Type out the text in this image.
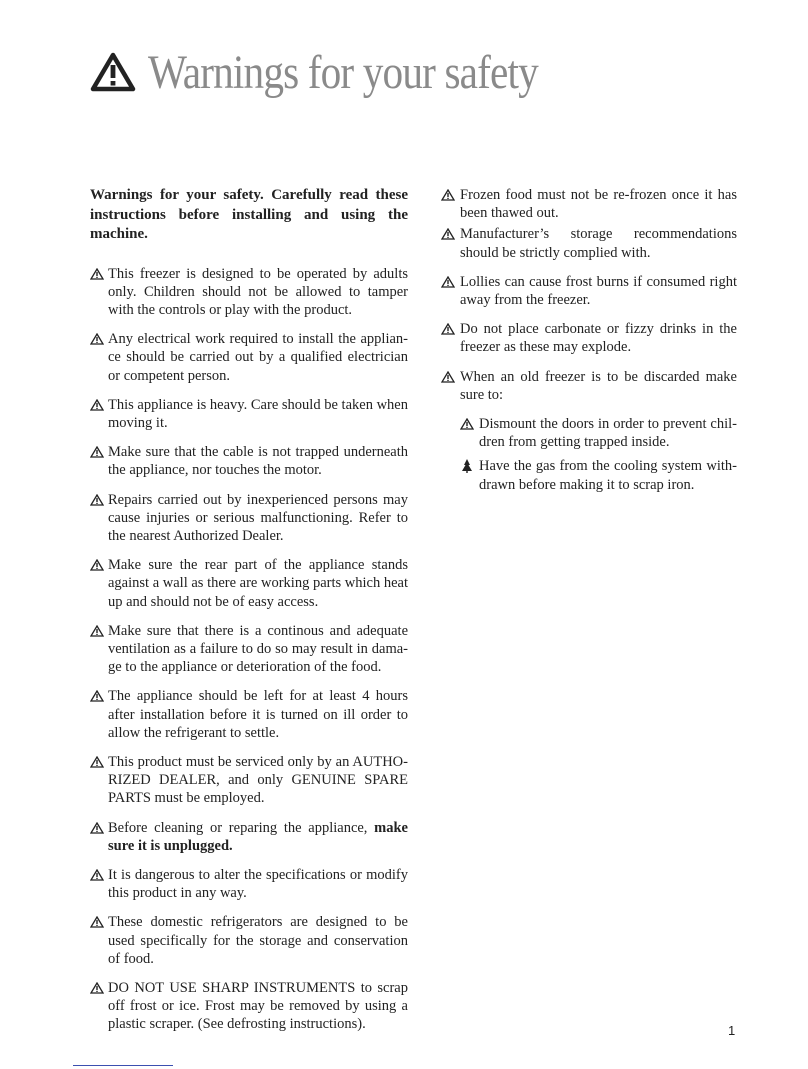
Warnings for your safety

Warnings for your safety. Carefully read these instructions before installing and using the machine.

This freezer is designed to be operated by adults only. Children should not be allowed to tamper with the controls or play with the product.
Any electrical work required to install the applian-ce should be carried out by a qualified electrician or competent person.
This appliance is heavy. Care should be taken when moving it.
Make sure that the cable is not trapped underneath the appliance, nor touches the motor.
Repairs carried out by inexperienced persons may cause injuries or serious malfunctioning. Refer to the nearest Authorized Dealer.
Make sure the rear part of the appliance stands against a wall as there are working parts which heat up and should not be of easy access.
Make sure that there is a continous and adequate ventilation as a failure to do so may result in dama-ge to the appliance or deterioration of the food.
The appliance should be left for at least 4 hours after installation before it is turned on ill order to allow the refrigerant to settle.
This product must be serviced only by an AUTHO-RIZED DEALER, and only GENUINE SPARE PARTS must be employed.
Before cleaning or reparing the appliance, make sure it is unplugged.
It is dangerous to alter the specifications or modify this product in any way.
These domestic refrigerators are designed to be used specifically for the storage and conservation of food.
DO NOT USE SHARP INSTRUMENTS to scrap off frost or ice. Frost may be removed by using a plastic scraper. (See defrosting instructions).
Frozen food must not be re-frozen once it has been thawed out.
Manufacturer’s storage recommendations should be strictly complied with.
Lollies can cause frost burns if consumed right away from the freezer.
Do not place carbonate or fizzy drinks in the freezer as these may explode.
When an old freezer is to be discarded make sure to:
Dismount the doors in order to prevent chil-dren from getting trapped inside.
Have the gas from the cooling system with-drawn before making it to scrap iron.
1
